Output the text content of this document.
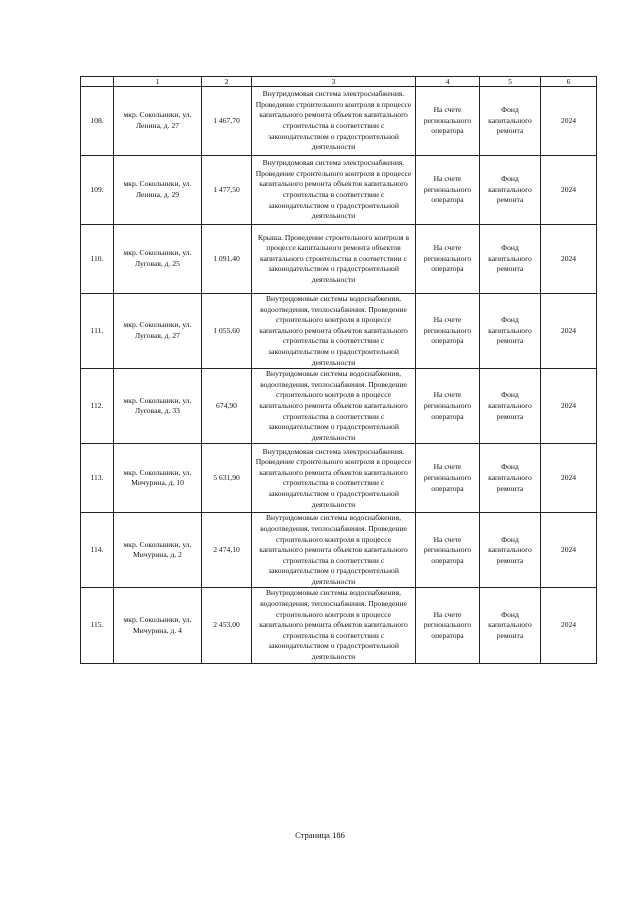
	1	2	3	4	5	6
108.	мкр. Сокольники, ул. Ленина, д. 27	1 467,70	Внутридомовая система электроснабжения. Проведение строительного контроля в процессе капитального ремонта объектов капитального строительства в соответствии с законодательством о градостроительной деятельности	На счете регионального оператора	Фонд капитального ремонта	2024
109.	мкр. Сокольники, ул. Ленина, д. 29	1 477,50	Внутридомовая система электроснабжения. Проведение строительного контроля в процессе капитального ремонта объектов капитального строительства в соответствии с законодательством о градостроительной деятельности	На счете регионального оператора	Фонд капитального ремонта	2024
110.	мкр. Сокольники, ул. Луговая, д. 25	1 091,40	Крыша. Проведение строительного контроля в процессе капитального ремонта объектов капитального строительства в соответствии с законодательством о градостроительной деятельности	На счете регионального оператора	Фонд капитального ремонта	2024
111.	мкр. Сокольники, ул. Луговая, д. 27	1 055,60	Внутридомовые системы водоснабжения, водоотведения, теплоснабжения. Проведение строительного контроля в процессе капитального ремонта объектов капитального строительства в соответствии с законодательством о градостроительной деятельности	На счете регионального оператора	Фонд капитального ремонта	2024
112.	мкр. Сокольники, ул. Луговая, д. 33	674,90	Внутридомовые системы водоснабжения, водоотведения, теплоснабжения. Проведение строительного контроля в процессе капитального ремонта объектов капитального строительства в соответствии с законодательством о градостроительной деятельности	На счете регионального оператора	Фонд капитального ремонта	2024
113.	мкр. Сокольники, ул. Мичурина, д. 10	5 631,90	Внутридомовая система электроснабжения. Проведение строительного контроля в процессе капитального ремонта объектов капитального строительства в соответствии с законодательством о градостроительной деятельности	На счете регионального оператора	Фонд капитального ремонта	2024
114.	мкр. Сокольники, ул. Мичурина, д. 2	2 474,10	Внутридомовые системы водоснабжения, водоотведения, теплоснабжения. Проведение строительного контроля в процессе капитального ремонта объектов капитального строительства в соответствии с законодательством о градостроительной деятельности	На счете регионального оператора	Фонд капитального ремонта	2024
115.	мкр. Сокольники, ул. Мичурина, д. 4	2 453,00	Внутридомовые системы водоснабжения, водоотведения, теплоснабжения. Проведение строительного контроля в процессе капитального ремонта объектов капитального строительства в соответствии с законодательством о градостроительной деятельности	На счете регионального оператора	Фонд капитального ремонта	2024
Страница 186
